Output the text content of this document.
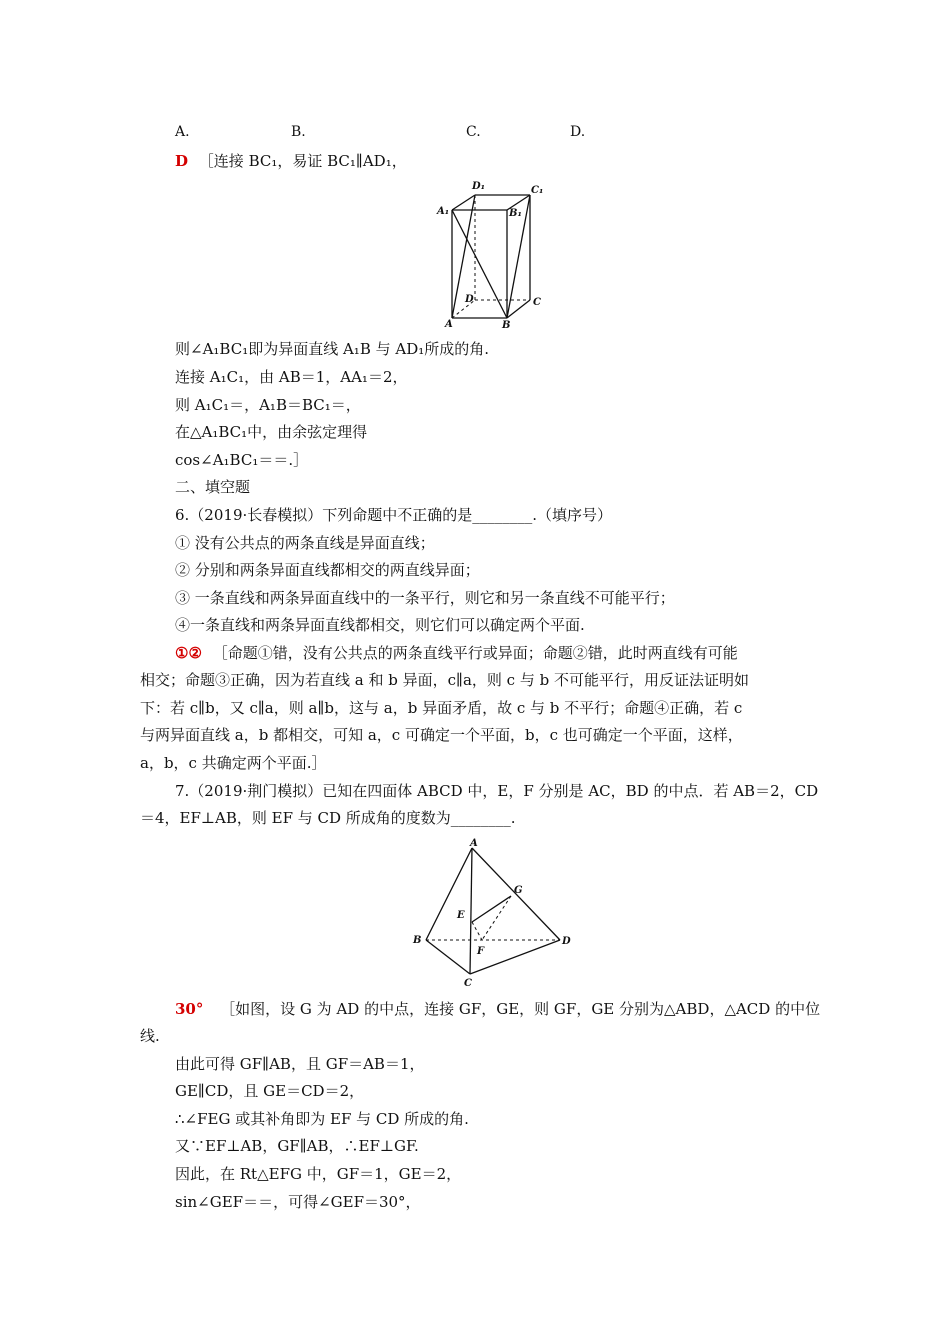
A.	B.	C.	D.
D ［连接 BC₁，易证 BC₁∥AD₁，
D₁	C₁
A₁	B₁
D	C
A	B
则∠A₁BC₁即为异面直线 A₁B 与 AD₁所成的角.
连接 A₁C₁，由 AB＝1，AA₁＝2，
则 A₁C₁＝，A₁B＝BC₁＝，
在△A₁BC₁中，由余弦定理得
cos∠A₁BC₁＝＝.］
二、填空题
6.（2019·长春模拟）下列命题中不正确的是________.（填序号）
① 没有公共点的两条直线是异面直线；
② 分别和两条异面直线都相交的两直线异面；
③ 一条直线和两条异面直线中的一条平行，则它和另一条直线不可能平行；
④一条直线和两条异面直线都相交，则它们可以确定两个平面.
①② ［命题①错，没有公共点的两条直线平行或异面；命题②错，此时两直线有可能
相交；命题③正确，因为若直线 a 和 b 异面，c∥a，则 c 与 b 不可能平行，用反证法证明如
下：若 c∥b，又 c∥a，则 a∥b，这与 a，b 异面矛盾，故 c 与 b 不平行；命题④正确，若 c
与两异面直线 a，b 都相交，可知 a，c 可确定一个平面，b，c 也可确定一个平面，这样，
a，b，c 共确定两个平面.］
7.（2019·荆门模拟）已知在四面体 ABCD 中，E，F 分别是 AC，BD 的中点．若 AB＝2，CD
＝4，EF⊥AB，则 EF 与 CD 所成角的度数为________.
A
G
E
B
F
D
C
30° ［如图，设 G 为 AD 的中点，连接 GF，GE，则 GF，GE 分别为△ABD，△ACD 的中位
线.
由此可得 GF∥AB，且 GF＝AB＝1，
GE∥CD，且 GE＝CD＝2，
∴∠FEG 或其补角即为 EF 与 CD 所成的角.
又∵EF⊥AB，GF∥AB，∴EF⊥GF.
因此，在 Rt△EFG 中，GF＝1，GE＝2，
sin∠GEF＝＝，可得∠GEF＝30°，
